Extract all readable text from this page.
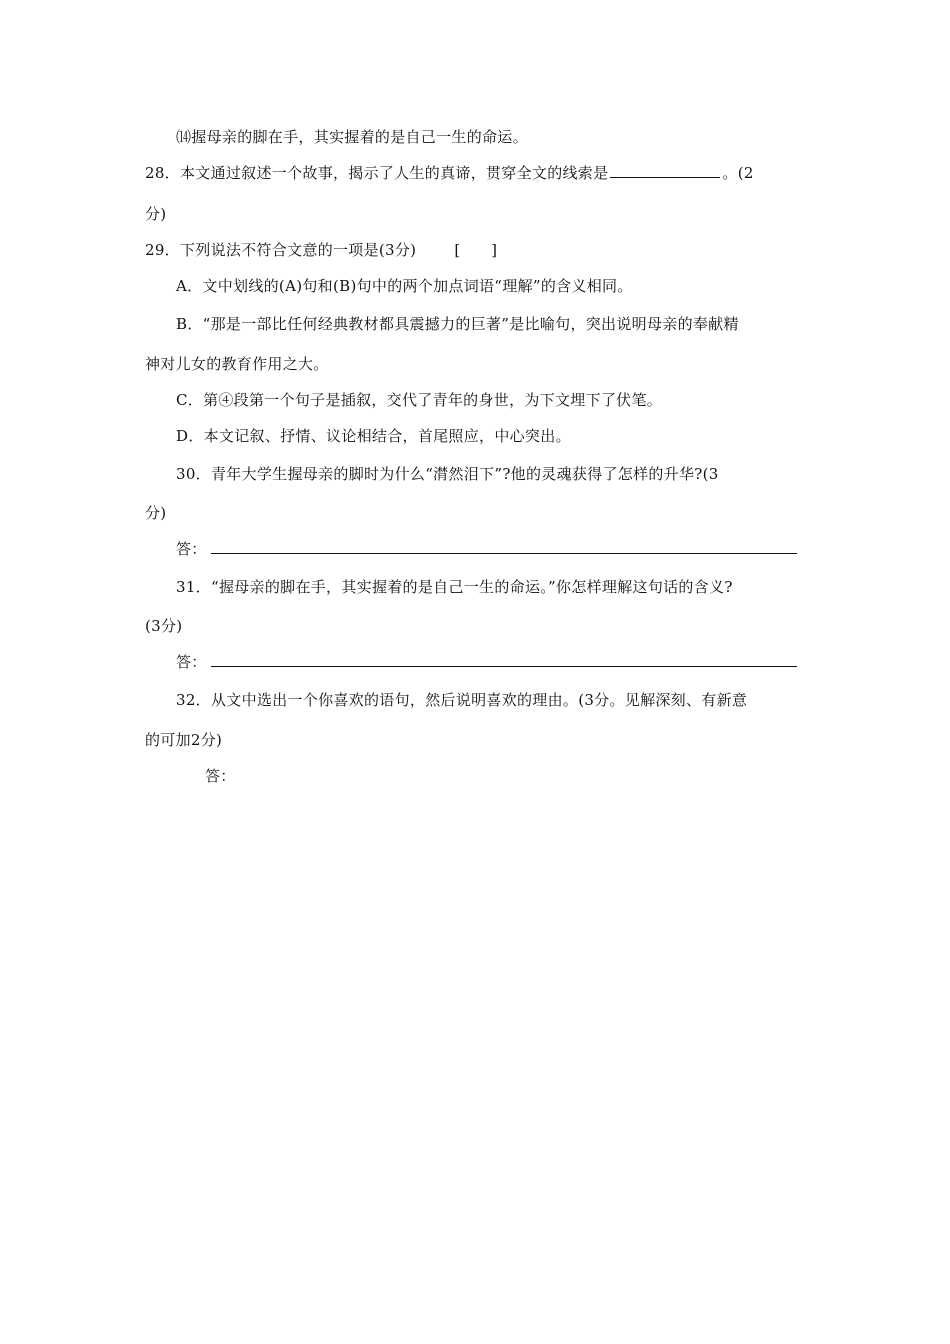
⒁握母亲的脚在手，其实握着的是自己一生的命运。
28．本文通过叙述一个故事，揭示了人生的真谛，贯穿全文的线索是	。(2
分)
29．下列说法不符合文意的一项是(3分)	[　　]
A．文中划线的(A)句和(B)句中的两个加点词语“理解”的含义相同。
B．“那是一部比任何经典教材都具震撼力的巨著”是比喻句，突出说明母亲的奉献精
神对儿女的教育作用之大。
C．第④段第一个句子是插叙，交代了青年的身世，为下文埋下了伏笔。
D．本文记叙、抒情、议论相结合，首尾照应，中心突出。
30．青年大学生握母亲的脚时为什么“潸然泪下”?他的灵魂获得了怎样的升华?(3
分)
答：
31．“握母亲的脚在手，其实握着的是自己一生的命运。”你怎样理解这句话的含义?
(3分)
答：
32．从文中选出一个你喜欢的语句，然后说明喜欢的理由。(3分。见解深刻、有新意
的可加2分)
答：
